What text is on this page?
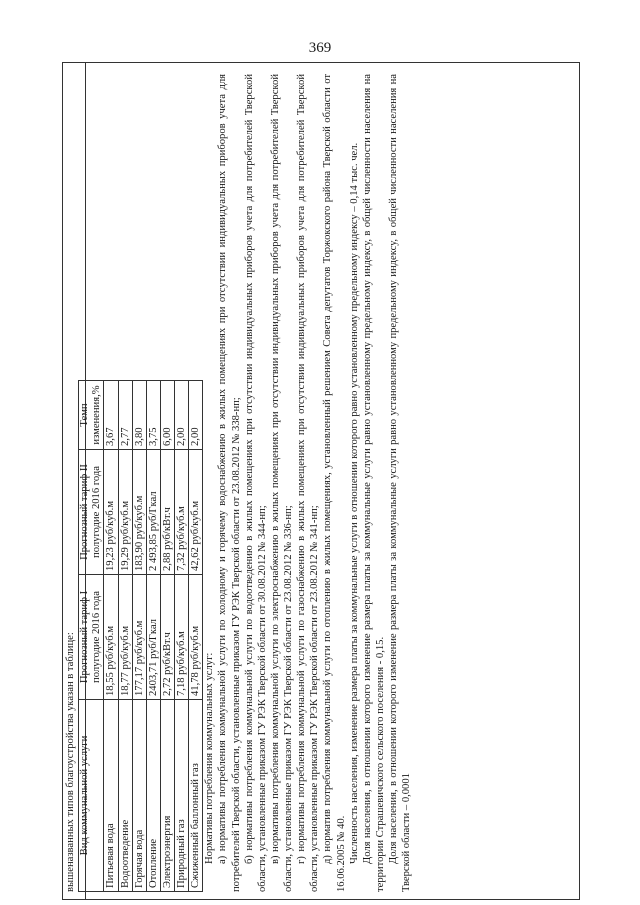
369

вышеназванных типов благоустройства указан в таблице: Вид коммунальной услуги	Прогнозный тариф I полугодие 2016 года	Прогнозный тариф II полугодие 2016 года	Темп изменения,%
Питьевая вода	18,55 руб/куб.м	19,23 руб/куб.м	3,67
Водоотведение	18,77 руб/куб.м	19,29 руб/куб.м	2,77
Горячая вода	177,17 руб/куб.м	183,90 руб/куб.м	3,80
Отопление	2403,71 руб/Гкал	2 493,85 руб/Гкал	3,75
Электроэнергия	2,72 руб/кВт.ч	2,88 руб/кВт.ч	6,00
Природный газ	7,18 руб/куб.м	7,32 руб/куб.м	2,00
Сжиженный баллонный газ	41,78 руб/куб.м	42,62 руб/куб.м	2,00

Нормативы потребления коммунальных услуг: а) нормативы потребления коммунальной услуги по холодному и горячему водоснабжению в жилых помещениях при отсутствии индивидуальных приборов учета для потребителей Тверской области, установленные приказом ГУ РЭК Тверской области от 23.08.2012 № 338-нп; б) нормативы потребления коммунальной услуги по водоотведению в жилых помещениях при отсутствии индивидуальных приборов учета для потребителей Тверской области, установленные приказом ГУ РЭК Тверской области от 30.08.2012 № 344-нп; в) нормативы потребления коммунальной услуги по электроснабжению в жилых помещениях при отсутствии индивидуальных приборов учета для потребителей Тверской области, установленные приказом ГУ РЭК Тверской области от 23.08.2012 № 336-нп; г) нормативы потребления коммунальной услуги по газоснабжению в жилых помещениях при отсутствии индивидуальных приборов учета для потребителей Тверской области, установленные приказом ГУ РЭК Тверской области от 23.08.2012 № 341-нп; д) норматив потребления коммунальной услуги по отоплению в жилых помещениях, установленный решением Совета депутатов Торжокского района Тверской области от 16.06.2005 № 40. Численность населения, изменение размера платы за коммунальные услуги в отношении которого равно установленному предельному индексу – 0,14 тыс. чел. Доля населения, в отношении которого изменение размера платы за коммунальные услуги равно установленному предельному индексу, в общей численности населения на территории Страшевичского сельского поселения - 0,15. Доля населения, в отношении которого изменение размера платы за коммунальные услуги равно установленному предельному индексу, в общей численности населения на Тверской области – 0,0001
